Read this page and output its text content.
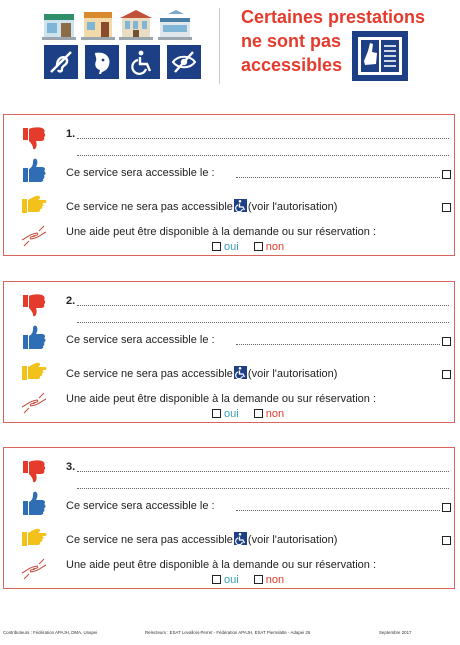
Certaines prestations
ne sont pas
accessibles
1.
Ce service sera accessible le :
Ce service ne sera pas accessible (voir l'autorisation)
Une aide peut être disponible à la demande ou sur réservation :
oui non
2.
Ce service sera accessible le :
Ce service ne sera pas accessible (voir l'autorisation)
Une aide peut être disponible à la demande ou sur réservation :
oui non
3.
Ce service sera accessible le :
Ce service ne sera pas accessible (voir l'autorisation)
Une aide peut être disponible à la demande ou sur réservation :
oui non
Contributeurs : Fédération APAJH, DMA, Unapei	Relecteurs : ESAT Levallois-Perret - Fédération APAJH, ESAT Pierrelatte - Adapei 26	Septembre 2017
